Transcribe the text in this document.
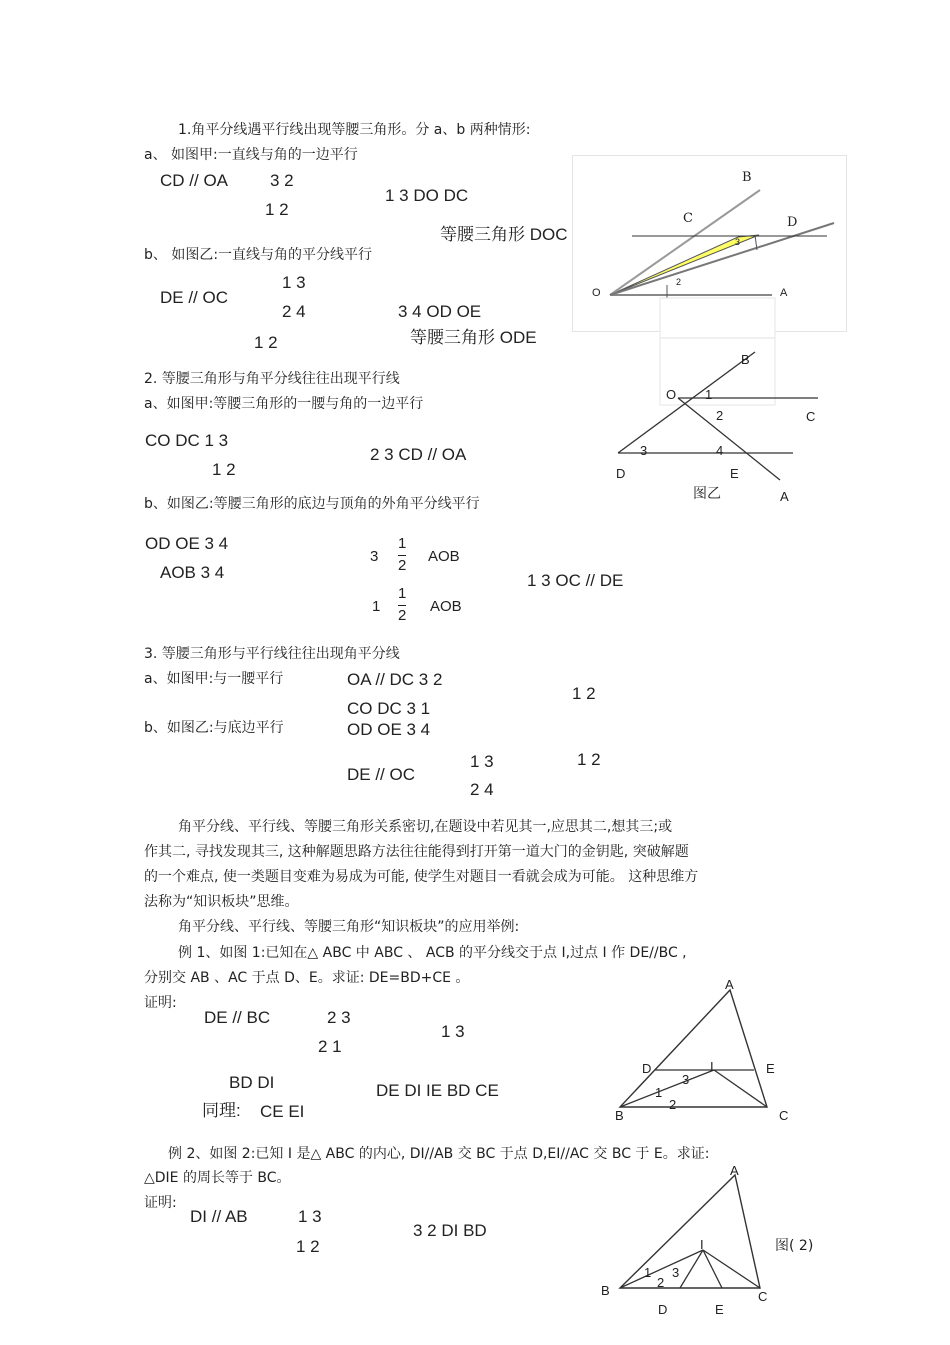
1.角平分线遇平行线出现等腰三角形。分 a、b 两种情形:
a、 如图甲:一直线与角的一边平行
CD // OA 3 2
1 2
1 3 DO DC
等腰三角形 DOC
b、 如图乙:一直线与角的平分线平行
1 3
DE // OC
2 4	3 4 OD OE
1 2	等腰三角形 ODE
B
C	D
3
2
O	A
2. 等腰三角形与角平分线往往出现平行线
a、如图甲:等腰三角形的一腰与角的一边平行
CO DC 1 3
1 2
2 3 CD // OA
b、如图乙:等腰三角形的底边与顶角的外角平分线平行
OD OE 3 4
AOB 3 4
3
1
2 AOB
1
1
2 AOB
1 3 OC // DE
B
O 1
C
2
3	4
D	E
A
图乙
3. 等腰三角形与平行线往往出现角平分线
a、如图甲:与一腰平行
b、如图乙:与底边平行
OA // DC 3 2
CO DC 3 1
1 2
OD OE 3 4
1 3
DE // OC
2 4
1 2
角平分线、平行线、等腰三角形关系密切,在题设中若见其一,应思其二,想其三;或
作其二, 寻找发现其三, 这种解题思路方法往往能得到打开第一道大门的金钥匙, 突破解题
的一个难点, 使一类题目变难为易成为可能, 使学生对题目一看就会成为可能。 这种思维方
法称为“知识板块”思维。
角平分线、平行线、等腰三角形“知识板块”的应用举例:
例 1、如图 1:已知在△ ABC 中 ABC 、 ACB 的平分线交于点 I,过点 I 作 DE//BC ,
分别交 AB 、AC 于点 D、E。求证: DE=BD+CE 。
证明:
DE // BC	2 3
2 1
1 3
BD DI	DE DI IE BD CE
同理: CE EI
A
D	I	E
3
1
2
B	C
例 2、如图 2:已知 I 是△ ABC 的内心, DI//AB 交 BC 于点 D,EI//AC 交 BC 于 E。求证:
△DIE 的周长等于 BC。
证明:
DI // AB	1 3
1 2
3 2 DI BD
A
I
1 3
2
B	C
D	E
图( 2)
